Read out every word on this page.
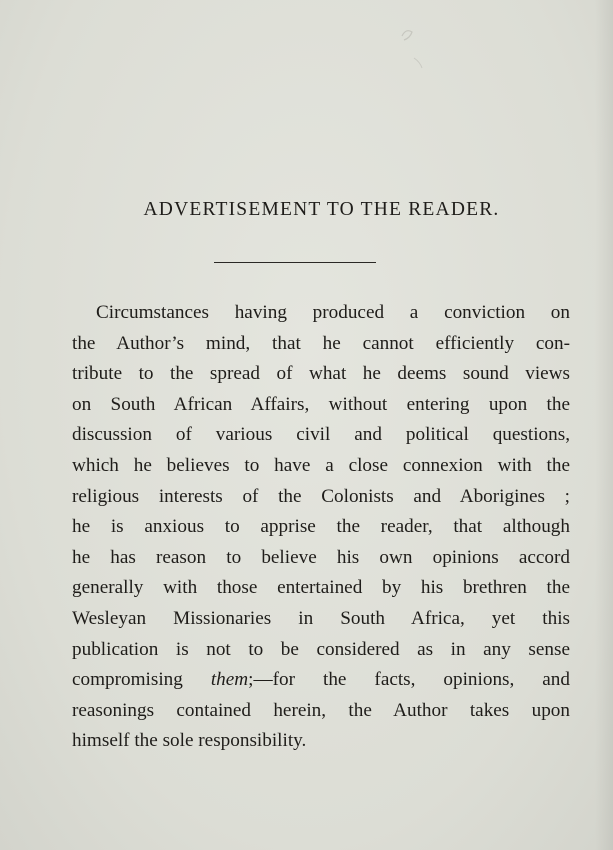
ADVERTISEMENT TO THE READER.
Circumstances having produced a conviction on
the Author’s mind, that he cannot efficiently con-
tribute to the spread of what he deems sound views
on South African Affairs, without entering upon the
discussion of various civil and political questions,
which he believes to have a close connexion with the
religious interests of the Colonists and Aborigines ;
he is anxious to apprise the reader, that although
he has reason to believe his own opinions accord
generally with those entertained by his brethren the
Wesleyan Missionaries in South Africa, yet this
publication is not to be considered as in any sense
compromising them;—for the facts, opinions, and
reasonings contained herein, the Author takes upon
himself the sole responsibility.
